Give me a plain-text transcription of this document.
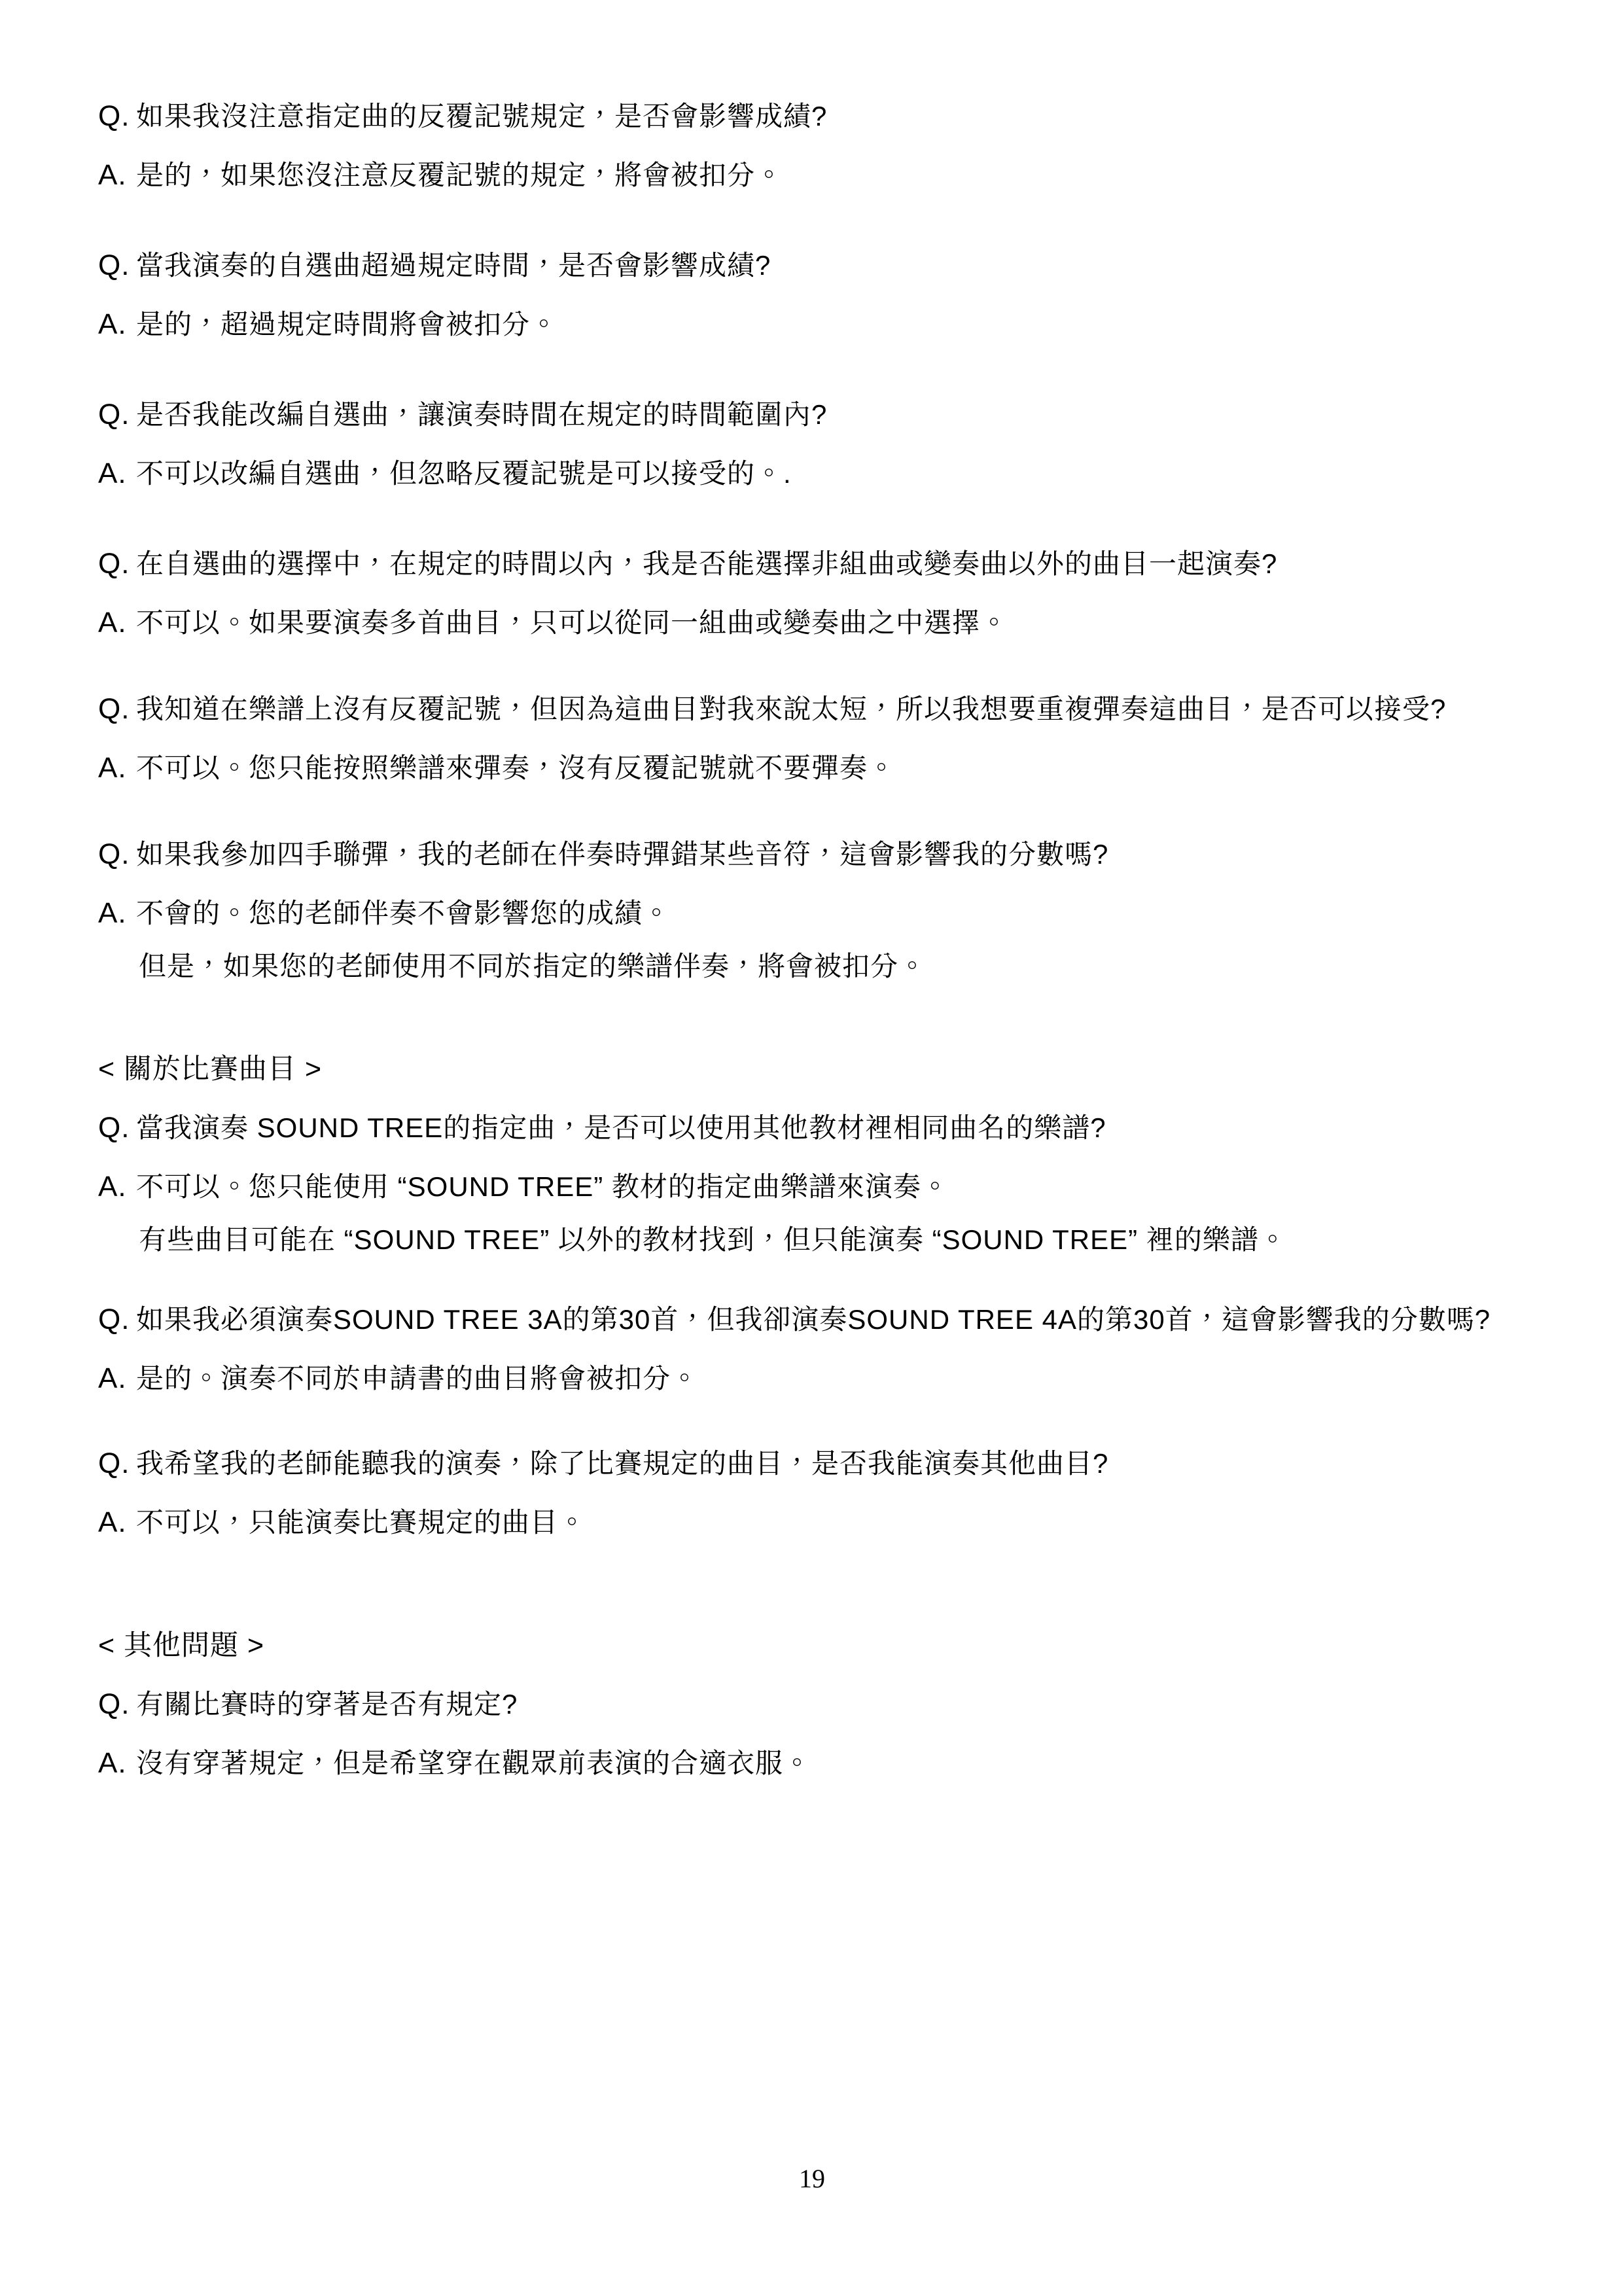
Q. 如果我沒注意指定曲的反覆記號規定，是否會影響成績?

A. 是的，如果您沒注意反覆記號的規定，將會被扣分。

Q. 當我演奏的自選曲超過規定時間，是否會影響成績?

A. 是的，超過規定時間將會被扣分。

Q. 是否我能改編自選曲，讓演奏時間在規定的時間範圍內?

A. 不可以改編自選曲，但忽略反覆記號是可以接受的。.

Q. 在自選曲的選擇中，在規定的時間以內，我是否能選擇非組曲或變奏曲以外的曲目一起演奏?

A. 不可以。如果要演奏多首曲目，只可以從同一組曲或變奏曲之中選擇。

Q. 我知道在樂譜上沒有反覆記號，但因為這曲目對我來說太短，所以我想要重複彈奏這曲目，是否可以接受?

A. 不可以。您只能按照樂譜來彈奏，沒有反覆記號就不要彈奏。

Q. 如果我參加四手聯彈，我的老師在伴奏時彈錯某些音符，這會影響我的分數嗎?

A. 不會的。您的老師伴奏不會影響您的成績。

但是，如果您的老師使用不同於指定的樂譜伴奏，將會被扣分。

< 關於比賽曲目 >

Q. 當我演奏 SOUND TREE的指定曲，是否可以使用其他教材裡相同曲名的樂譜?

A. 不可以。您只能使用 “SOUND TREE” 教材的指定曲樂譜來演奏。

有些曲目可能在 “SOUND TREE” 以外的教材找到，但只能演奏 “SOUND TREE” 裡的樂譜。

Q. 如果我必須演奏SOUND TREE 3A的第30首，但我卻演奏SOUND TREE 4A的第30首，這會影響我的分數嗎?

A. 是的。演奏不同於申請書的曲目將會被扣分。

Q. 我希望我的老師能聽我的演奏，除了比賽規定的曲目，是否我能演奏其他曲目?

A. 不可以，只能演奏比賽規定的曲目。

< 其他問題 >

Q. 有關比賽時的穿著是否有規定?

A. 沒有穿著規定，但是希望穿在觀眾前表演的合適衣服。

19
